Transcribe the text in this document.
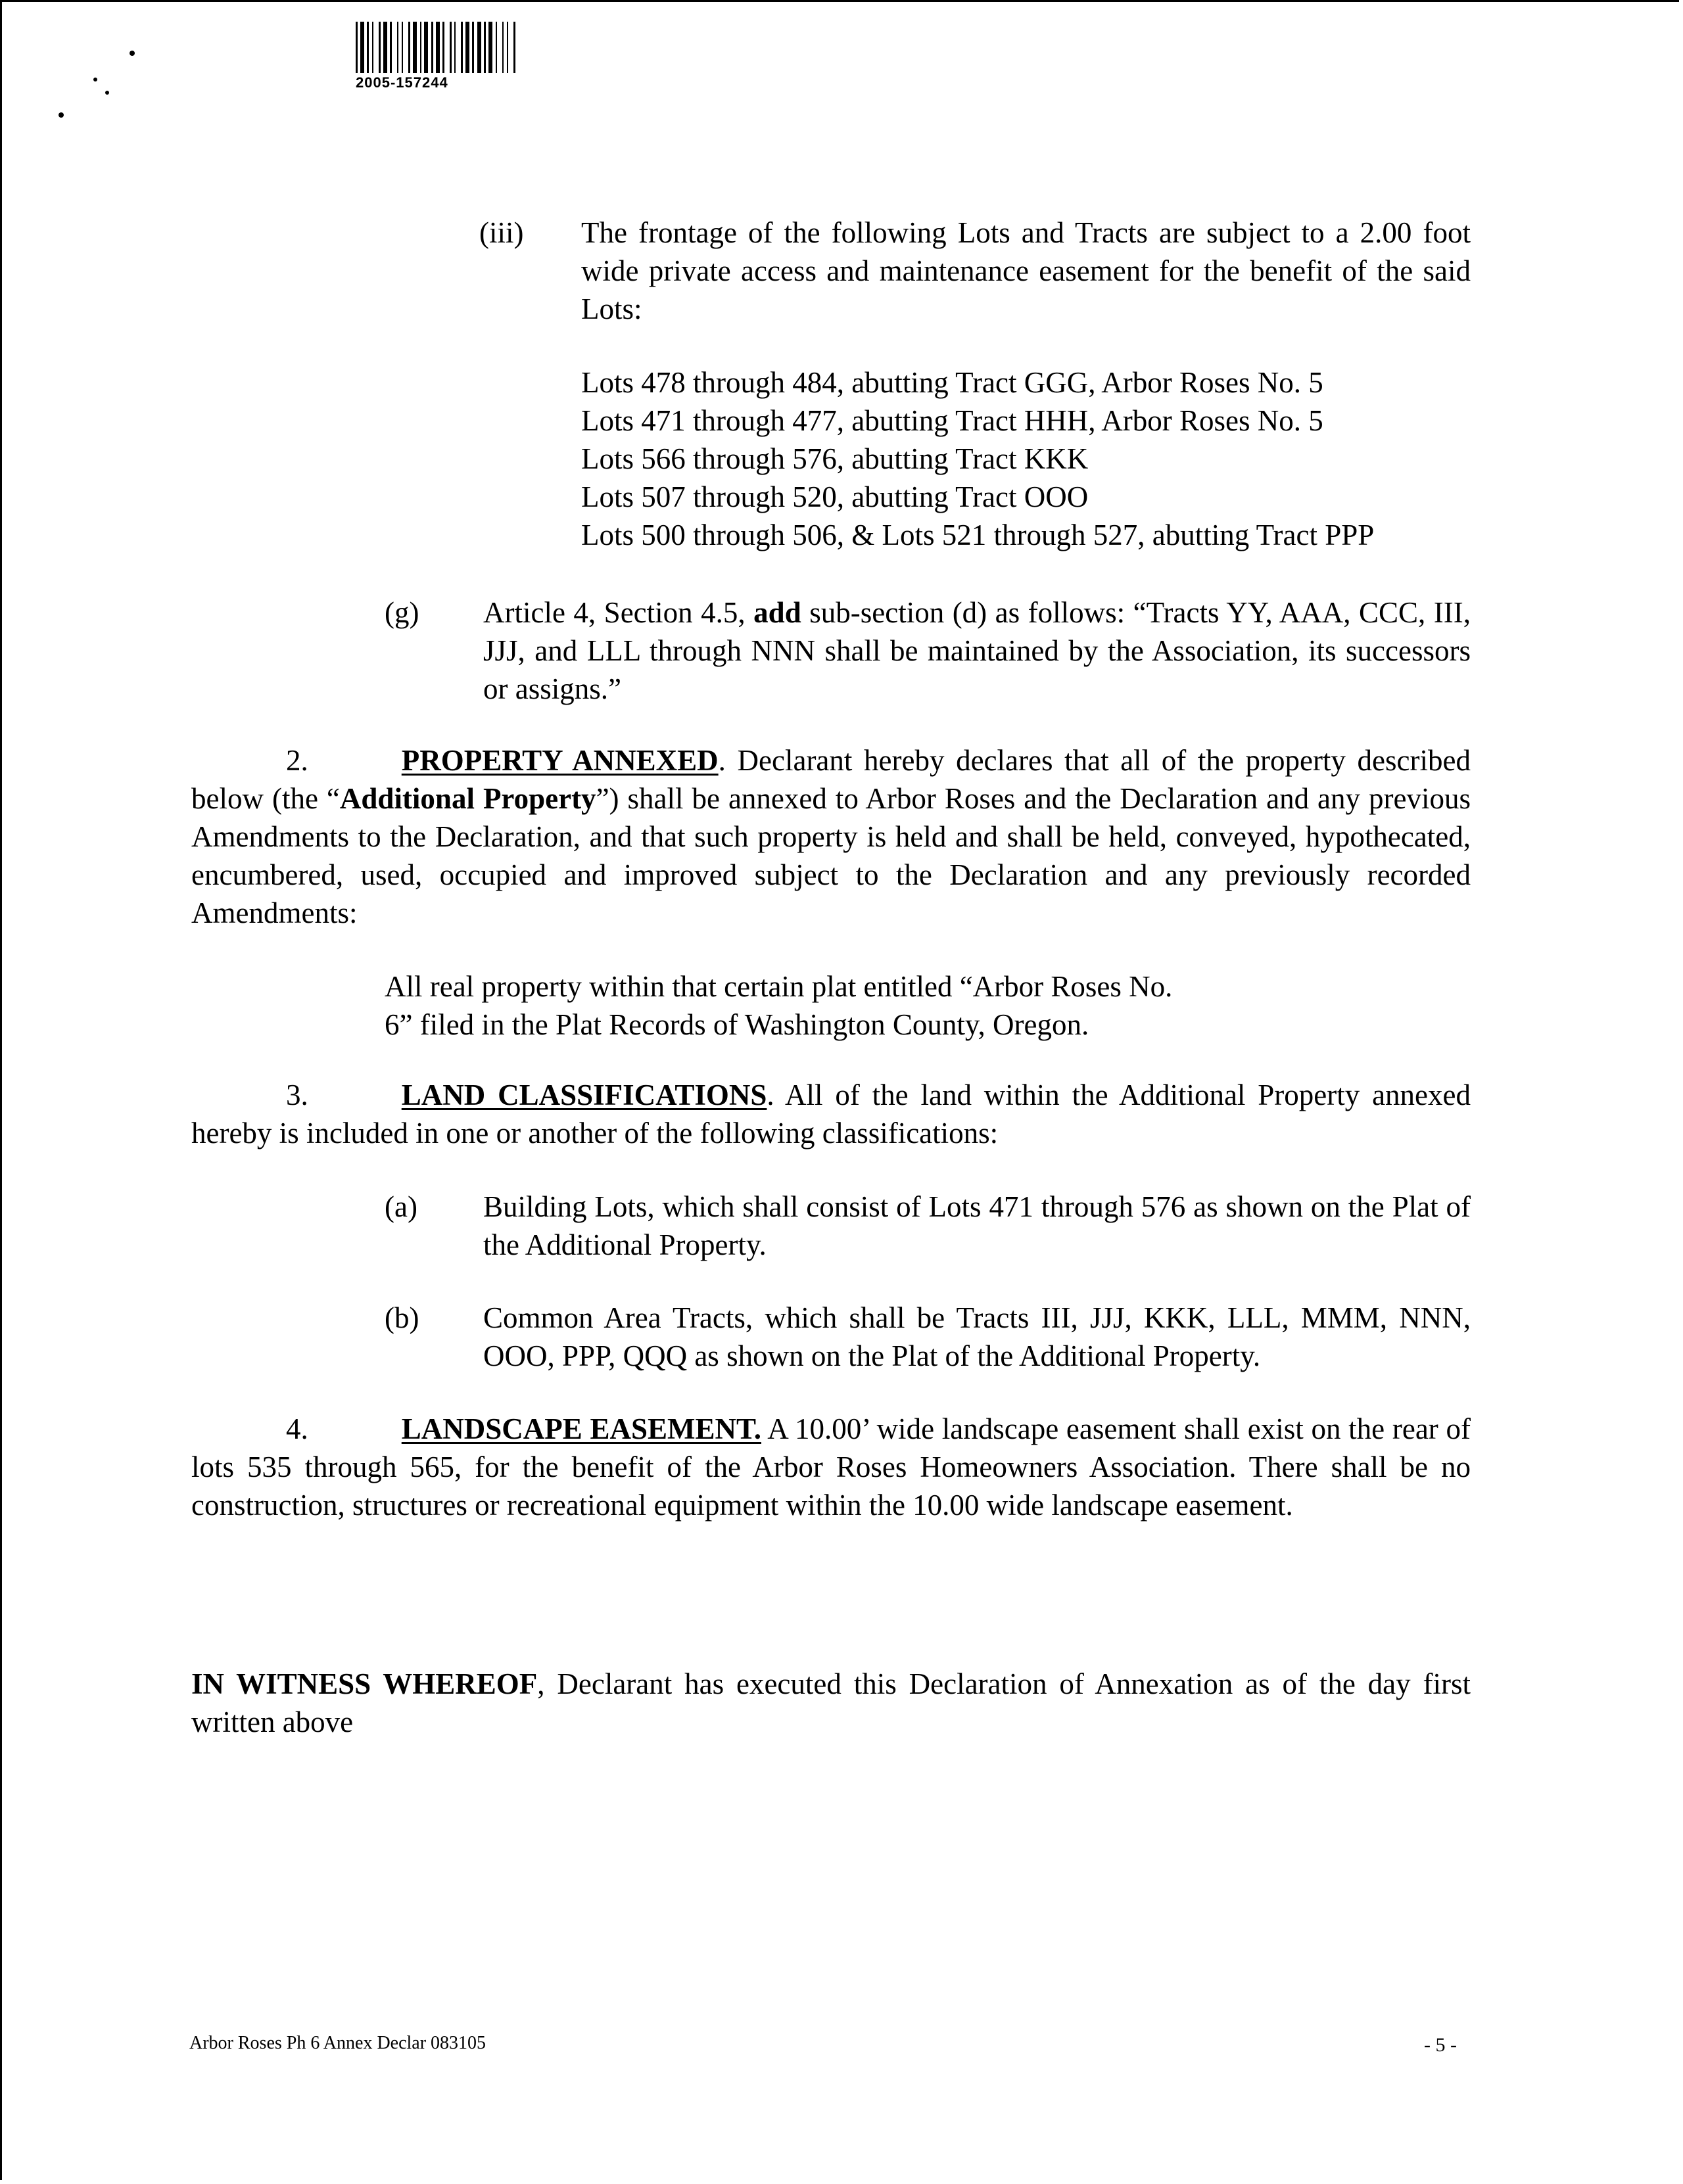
2005-157244
(iii) The frontage of the following Lots and Tracts are subject to a 2.00 foot wide private access and maintenance easement for the benefit of the said Lots:
Lots 478 through 484, abutting Tract GGG, Arbor Roses No. 5
Lots 471 through 477, abutting Tract HHH, Arbor Roses No. 5
Lots 566 through 576, abutting Tract KKK
Lots 507 through 520, abutting Tract OOO
Lots 500 through 506, & Lots 521 through 527, abutting Tract PPP
(g) Article 4, Section 4.5, add sub-section (d) as follows: “Tracts YY, AAA, CCC, III, JJJ, and LLL through NNN shall be maintained by the Association, its successors or assigns.”
2.	PROPERTY ANNEXED. Declarant hereby declares that all of the property described below (the “Additional Property”) shall be annexed to Arbor Roses and the Declaration and any previous Amendments to the Declaration, and that such property is held and shall be held, conveyed, hypothecated, encumbered, used, occupied and improved subject to the Declaration and any previously recorded Amendments:
All real property within that certain plat entitled “Arbor Roses No.
6” filed in the Plat Records of Washington County, Oregon.
3.	LAND CLASSIFICATIONS. All of the land within the Additional Property annexed hereby is included in one or another of the following classifications:
(a) Building Lots, which shall consist of Lots 471 through 576 as shown on the Plat of the Additional Property.
(b) Common Area Tracts, which shall be Tracts III, JJJ, KKK, LLL, MMM, NNN, OOO, PPP, QQQ as shown on the Plat of the Additional Property.
4.	LANDSCAPE EASEMENT. A 10.00’ wide landscape easement shall exist on the rear of lots 535 through 565, for the benefit of the Arbor Roses Homeowners Association. There shall be no construction, structures or recreational equipment within the 10.00 wide landscape easement.
IN WITNESS WHEREOF, Declarant has executed this Declaration of Annexation as of the day first written above
Arbor Roses Ph 6 Annex Declar 083105	- 5 -
